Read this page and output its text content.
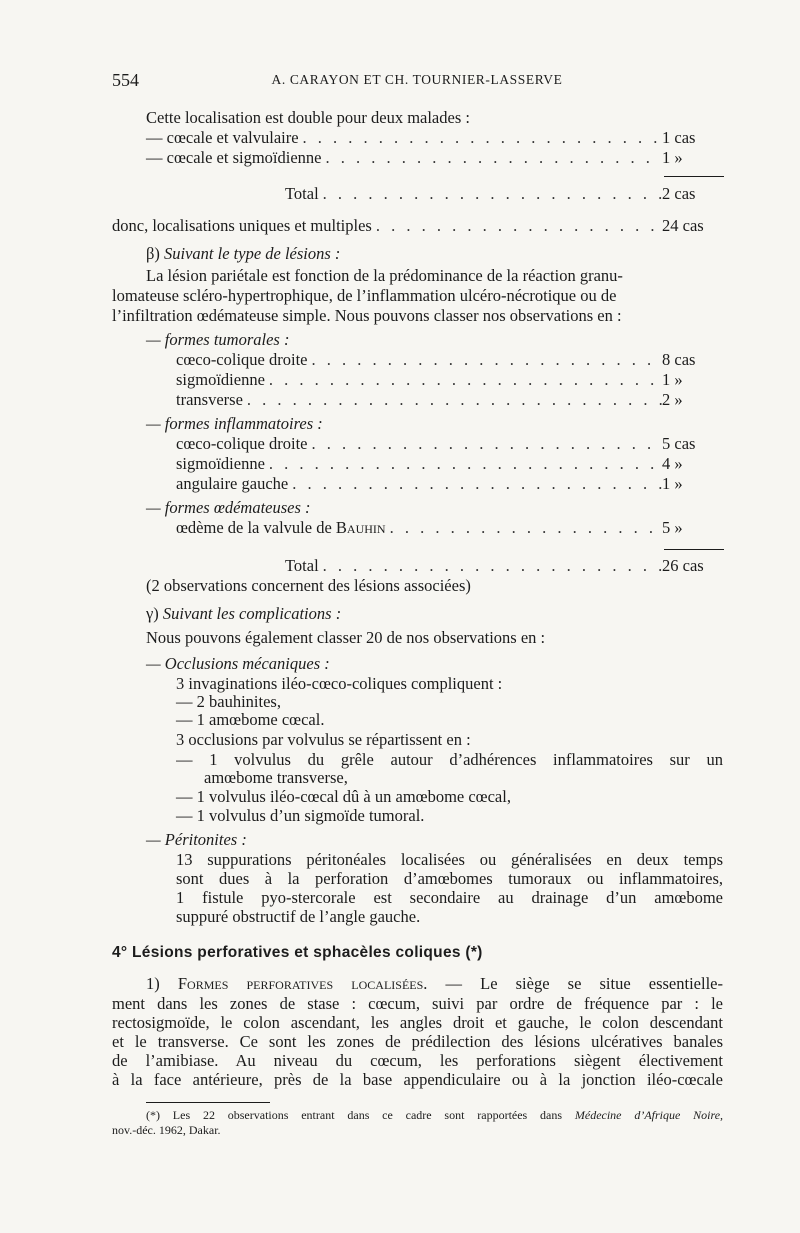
554	A. CARAYON ET CH. TOURNIER-LASSERVE
Cette localisation est double pour deux malades :
— cœcale et valvulaire . . .	1 cas
— cœcale et sigmoïdienne . . .	1 »
Total . . .	2 cas
donc, localisations uniques et multiples . . .	24 cas
β) Suivant le type de lésions :
La lésion pariétale est fonction de la prédominance de la réaction granu-
lomateuse scléro-hypertrophique, de l’inflammation ulcéro-nécrotique ou de
l’infiltration œdémateuse simple. Nous pouvons classer nos observations en :
— formes tumorales :
cœco-colique droite . . .	8 cas
sigmoïdienne . . .	1 »
transverse . . .	2 »
— formes inflammatoires :
cœco-colique droite . . .	5 cas
sigmoïdienne . . .	4 »
angulaire gauche . . .	1 »
— formes œdémateuses :
œdème de la valvule de Bauhin . . .	5 »
Total . . .	26 cas
(2 observations concernent des lésions associées)
γ) Suivant les complications :
Nous pouvons également classer 20 de nos observations en :
— Occlusions mécaniques :
3 invaginations iléo-cœco-coliques compliquent :
— 2 bauhinites,
— 1 amœbome cœcal.
3 occlusions par volvulus se répartissent en :
— 1 volvulus du grêle autour d’adhérences inflammatoires sur un
amœbome transverse,
— 1 volvulus iléo-cœcal dû à un amœbome cœcal,
— 1 volvulus d’un sigmoïde tumoral.
— Péritonites :
13 suppurations péritonéales localisées ou généralisées en deux temps
sont dues à la perforation d’amœbomes tumoraux ou inflammatoires,
1 fistule pyo-stercorale est secondaire au drainage d’un amœbome
suppuré obstructif de l’angle gauche.
4° Lésions perforatives et sphacèles coliques (*)
1) Formes perforatives localisées. — Le siège se situe essentielle-
ment dans les zones de stase : cœcum, suivi par ordre de fréquence par : le
rectosigmoïde, le colon ascendant, les angles droit et gauche, le colon descendant
et le transverse. Ce sont les zones de prédilection des lésions ulcératives banales
de l’amibiase. Au niveau du cœcum, les perforations siègent électivement
à la face antérieure, près de la base appendiculaire ou à la jonction iléo-cœcale
(*) Les 22 observations entrant dans ce cadre sont rapportées dans Médecine d’Afrique Noire,
nov.-déc. 1962, Dakar.
